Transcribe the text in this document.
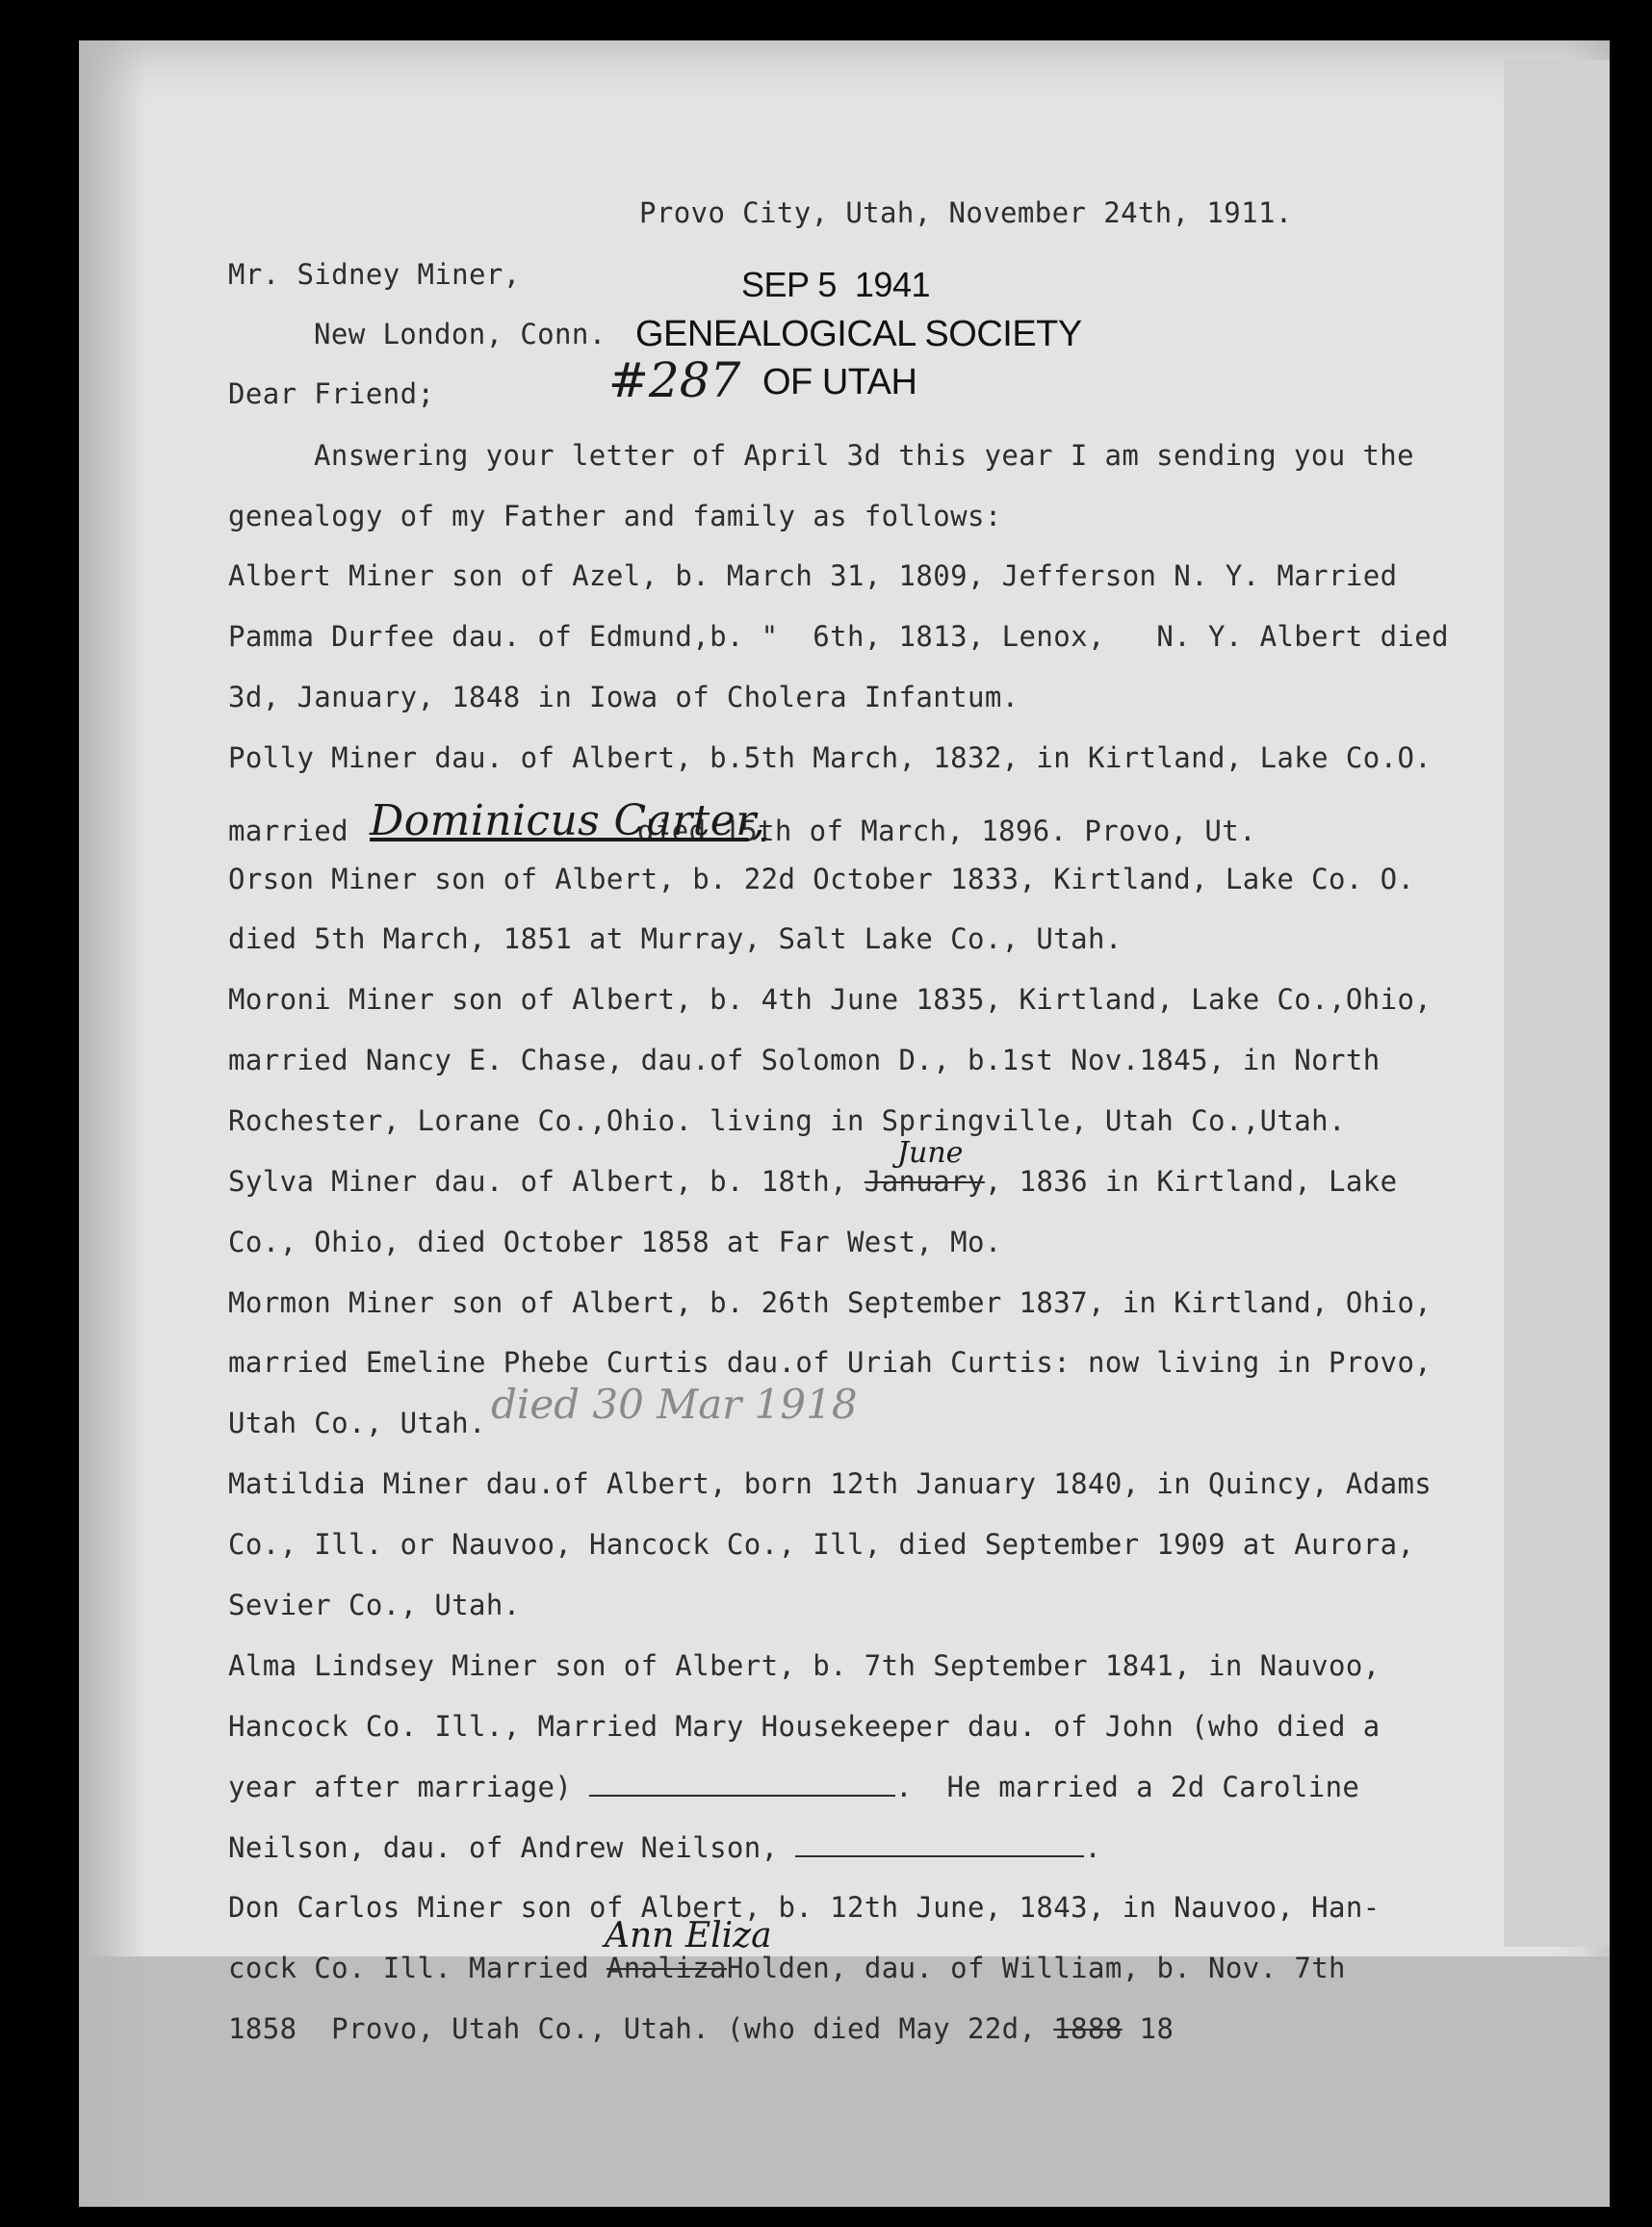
Provo City, Utah, November 24th, 1911.

Mr. Sidney Miner,

New London, Conn.

Dear Friend;

SEP 5  1941
GENEALOGICAL SOCIETY
OF UTAH
#287

Answering your letter of April 3d this year I am sending you the

genealogy of my Father and family as follows:

Albert Miner son of Azel, b. March 31, 1809, Jefferson N. Y. Married

Pamma Durfee dau. of Edmund,b. "  6th, 1813, Lenox,   N. Y. Albert died

3d, January, 1848 in Iowa of Cholera Infantum.

Polly Miner dau. of Albert, b.5th March, 1832, in Kirtland, Lake Co.O.

married Dominicus Carter,died 15th of March, 1896. Provo, Ut.

Orson Miner son of Albert, b. 22d October 1833, Kirtland, Lake Co. O.

died 5th March, 1851 at Murray, Salt Lake Co., Utah.

Moroni Miner son of Albert, b. 4th June 1835, Kirtland, Lake Co.,Ohio,

married Nancy E. Chase, dau.of Solomon D., b.1st Nov.1845, in North

Rochester, Lorane Co.,Ohio. living in Springville, Utah Co.,Utah.

Sylva Miner dau. of Albert, b. 18th, January, 1836 in Kirtland, Lake

June

Co., Ohio, died October 1858 at Far West, Mo.

Mormon Miner son of Albert, b. 26th September 1837, in Kirtland, Ohio,

married Emeline Phebe Curtis dau.of Uriah Curtis: now living in Provo,

Utah Co., Utah. died 30 Mar 1918

Matildia Miner dau.of Albert, born 12th January 1840, in Quincy, Adams

Co., Ill. or Nauvoo, Hancock Co., Ill, died September 1909 at Aurora,

Sevier Co., Utah.

Alma Lindsey Miner son of Albert, b. 7th September 1841, in Nauvoo,

Hancock Co. Ill., Married Mary Housekeeper dau. of John (who died a

year after marriage)	.  He married a 2d Caroline

Neilson, dau. of Andrew Neilson,	.

Don Carlos Miner son of Albert, b. 12th June, 1843, in Nauvoo, Han-

cock Co. Ill. Married AnalizaHolden, dau. of William, b. Nov. 7th

Ann Eliza

1858  Provo, Utah Co., Utah. (who died May 22d, 1888 18
